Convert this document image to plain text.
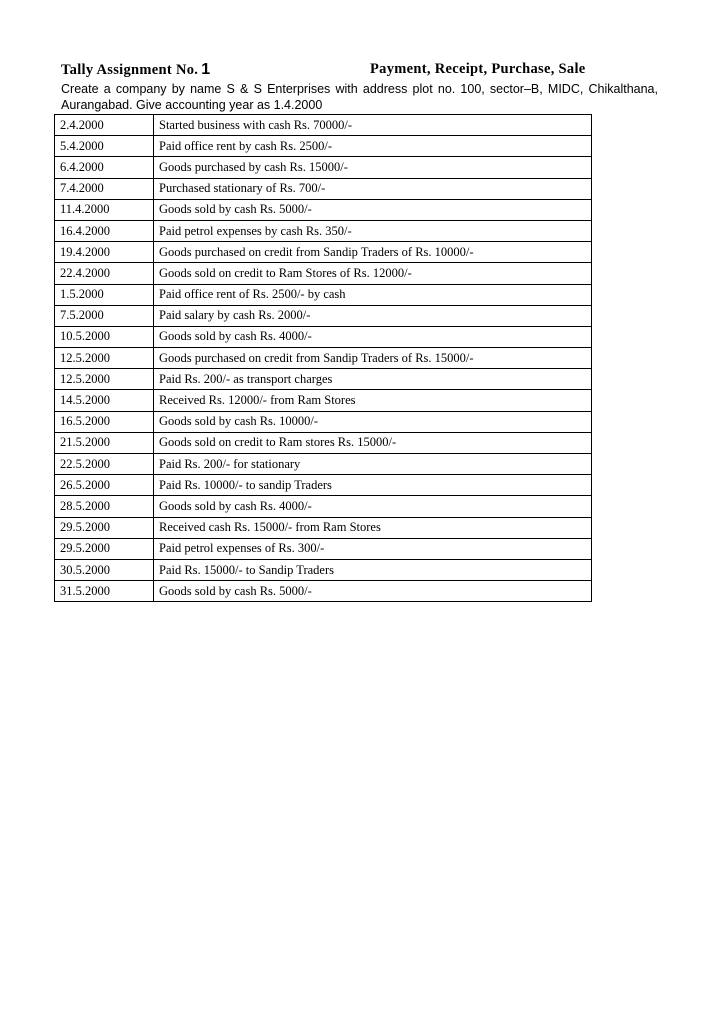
Tally Assignment No. 1	Payment, Receipt, Purchase, Sale
Create a company by name S & S Enterprises with address plot no. 100, sector–B, MIDC, Chikalthana, Aurangabad. Give accounting year as 1.4.2000
2.4.2000	Started business with cash Rs. 70000/-
5.4.2000	Paid office rent by cash Rs. 2500/-
6.4.2000	Goods purchased by cash Rs. 15000/-
7.4.2000	Purchased stationary of Rs. 700/-
11.4.2000	Goods sold by cash Rs. 5000/-
16.4.2000	Paid petrol expenses by cash Rs. 350/-
19.4.2000	Goods purchased on credit from Sandip Traders of Rs. 10000/-
22.4.2000	Goods sold on credit to Ram Stores of Rs. 12000/-
1.5.2000	Paid office rent of Rs. 2500/- by cash
7.5.2000	Paid salary by cash Rs. 2000/-
10.5.2000	Goods sold by cash Rs. 4000/-
12.5.2000	Goods purchased on credit from Sandip Traders of Rs. 15000/-
12.5.2000	Paid Rs. 200/- as transport charges
14.5.2000	Received Rs. 12000/- from Ram Stores
16.5.2000	Goods sold by cash Rs. 10000/-
21.5.2000	Goods sold on credit to Ram stores Rs. 15000/-
22.5.2000	Paid Rs. 200/- for stationary
26.5.2000	Paid Rs. 10000/- to sandip Traders
28.5.2000	Goods sold by cash Rs. 4000/-
29.5.2000	Received cash Rs. 15000/- from Ram Stores
29.5.2000	Paid petrol expenses of Rs. 300/-
30.5.2000	Paid Rs. 15000/- to Sandip Traders
31.5.2000	Goods sold by cash Rs. 5000/-
